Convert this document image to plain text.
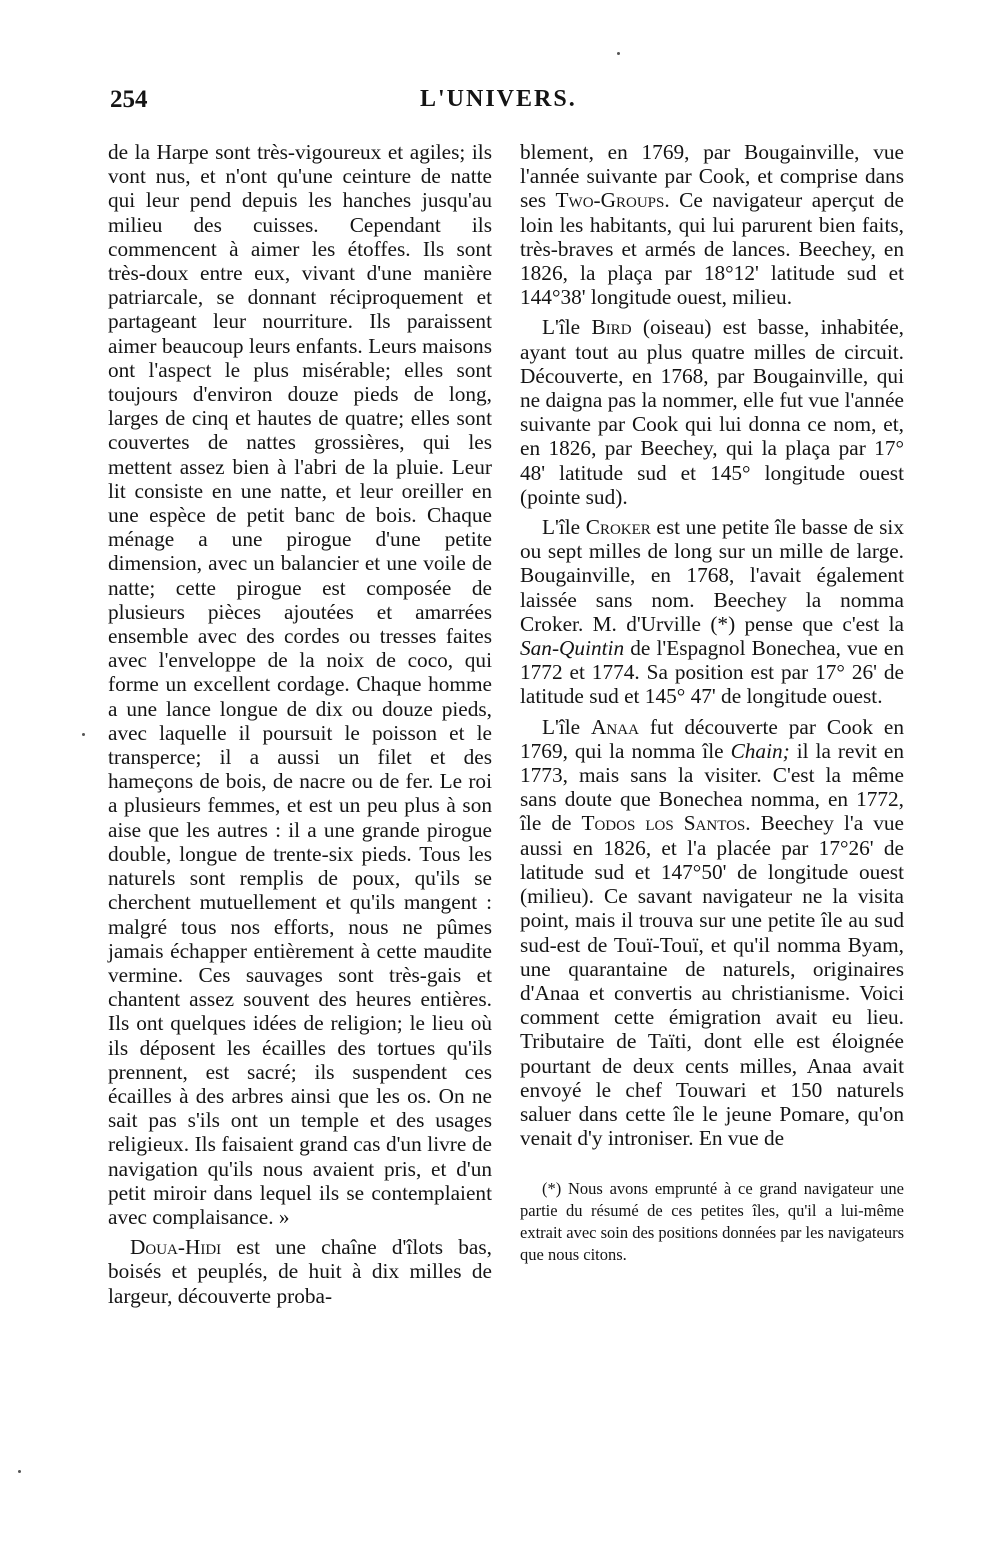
254	L'UNIVERS.

de la Harpe sont très-vigoureux et agiles; ils vont nus, et n'ont qu'une ceinture de natte qui leur pend depuis les hanches jusqu'au milieu des cuisses. Cependant ils commencent à aimer les étoffes. Ils sont très-doux entre eux, vivant d'une manière patriarcale, se donnant réciproquement et partageant leur nourriture. Ils paraissent aimer beaucoup leurs enfants. Leurs maisons ont l'aspect le plus misérable; elles sont toujours d'environ douze pieds de long, larges de cinq et hautes de quatre; elles sont couvertes de nattes grossières, qui les mettent assez bien à l'abri de la pluie. Leur lit consiste en une natte, et leur oreiller en une espèce de petit banc de bois. Chaque ménage a une pirogue d'une petite dimension, avec un balancier et une voile de natte; cette pirogue est composée de plusieurs pièces ajoutées et amarrées ensemble avec des cordes ou tresses faites avec l'enveloppe de la noix de coco, qui forme un excellent cordage. Chaque homme a une lance longue de dix ou douze pieds, avec laquelle il poursuit le poisson et le transperce; il a aussi un filet et des hameçons de bois, de nacre ou de fer. Le roi a plusieurs femmes, et est un peu plus à son aise que les autres : il a une grande pirogue double, longue de trente-six pieds. Tous les naturels sont remplis de poux, qu'ils se cherchent mutuellement et qu'ils mangent : malgré tous nos efforts, nous ne pûmes jamais échapper entièrement à cette maudite vermine. Ces sauvages sont très-gais et chantent assez souvent des heures entières. Ils ont quelques idées de religion; le lieu où ils déposent les écailles des tortues qu'ils prennent, est sacré; ils suspendent ces écailles à des arbres ainsi que les os. On ne sait pas s'ils ont un temple et des usages religieux. Ils faisaient grand cas d'un livre de navigation qu'ils nous avaient pris, et d'un petit miroir dans lequel ils se contemplaient avec complaisance. »

Doua-Hidi est une chaîne d'îlots bas, boisés et peuplés, de huit à dix milles de largeur, découverte proba-

blement, en 1769, par Bougainville, vue l'année suivante par Cook, et comprise dans ses Two-Groups. Ce navigateur aperçut de loin les habitants, qui lui parurent bien faits, très-braves et armés de lances. Beechey, en 1826, la plaça par 18°12' latitude sud et 144°38' longitude ouest, milieu.

L'île Bird (oiseau) est basse, inhabitée, ayant tout au plus quatre milles de circuit. Découverte, en 1768, par Bougainville, qui ne daigna pas la nommer, elle fut vue l'année suivante par Cook qui lui donna ce nom, et, en 1826, par Beechey, qui la plaça par 17° 48' latitude sud et 145° longitude ouest (pointe sud).

L'île Croker est une petite île basse de six ou sept milles de long sur un mille de large. Bougainville, en 1768, l'avait également laissée sans nom. Beechey la nomma Croker. M. d'Urville (*) pense que c'est la San-Quintin de l'Espagnol Bonechea, vue en 1772 et 1774. Sa position est par 17° 26' de latitude sud et 145° 47' de longitude ouest.

L'île Anaa fut découverte par Cook en 1769, qui la nomma île Chain; il la revit en 1773, mais sans la visiter. C'est la même sans doute que Bonechea nomma, en 1772, île de Todos los Santos. Beechey l'a vue aussi en 1826, et l'a placée par 17°26' de latitude sud et 147°50' de longitude ouest (milieu). Ce savant navigateur ne la visita point, mais il trouva sur une petite île au sud sud-est de Touï-Touï, et qu'il nomma Byam, une quarantaine de naturels, originaires d'Anaa et convertis au christianisme. Voici comment cette émigration avait eu lieu. Tributaire de Taïti, dont elle est éloignée pourtant de deux cents milles, Anaa avait envoyé le chef Touwari et 150 naturels saluer dans cette île le jeune Pomare, qu'on venait d'y introniser. En vue de

(*) Nous avons emprunté à ce grand navigateur une partie du résumé de ces petites îles, qu'il a lui-même extrait avec soin des positions données par les navigateurs que nous citons.
